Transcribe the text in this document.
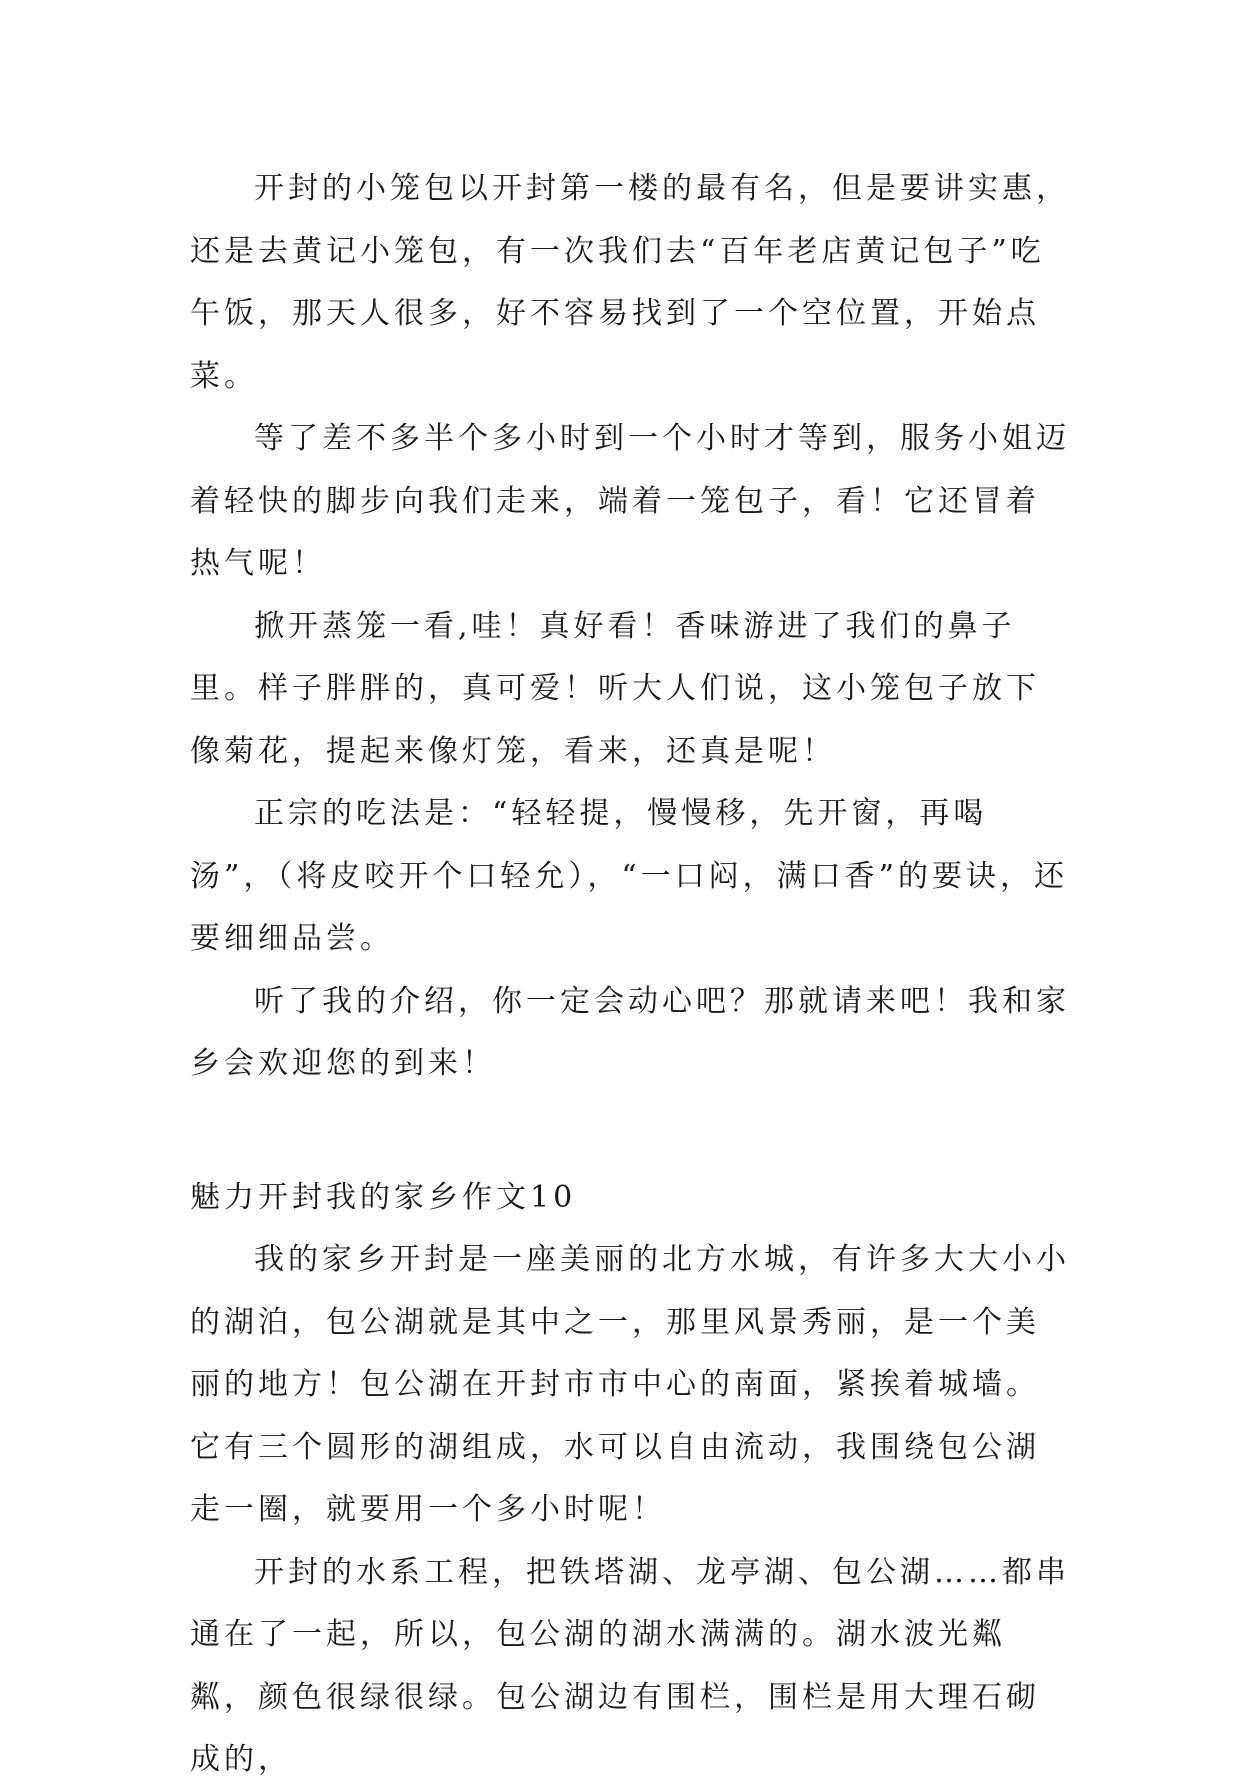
开封的小笼包以开封第一楼的最有名，但是要讲实惠，还是去黄记小笼包，有一次我们去“百年老店黄记包子”吃午饭，那天人很多，好不容易找到了一个空位置，开始点菜。

等了差不多半个多小时到一个小时才等到，服务小姐迈着轻快的脚步向我们走来，端着一笼包子，看！它还冒着热气呢！

掀开蒸笼一看,哇！真好看！香味游进了我们的鼻子里。样子胖胖的，真可爱！听大人们说，这小笼包子放下像菊花，提起来像灯笼，看来，还真是呢！

正宗的吃法是：“轻轻提，慢慢移，先开窗，再喝汤”，（将皮咬开个口轻允），“一口闷，满口香”的要诀，还要细细品尝。

听了我的介绍，你一定会动心吧？那就请来吧！我和家乡会欢迎您的到来！

魅力开封我的家乡作文10

我的家乡开封是一座美丽的北方水城，有许多大大小小的湖泊，包公湖就是其中之一，那里风景秀丽，是一个美丽的地方！包公湖在开封市市中心的南面，紧挨着城墙。它有三个圆形的湖组成，水可以自由流动，我围绕包公湖走一圈，就要用一个多小时呢！

开封的水系工程，把铁塔湖、龙亭湖、包公湖……都串通在了一起，所以，包公湖的湖水满满的。湖水波光粼粼，颜色很绿很绿。包公湖边有围栏，围栏是用大理石砌成的，
